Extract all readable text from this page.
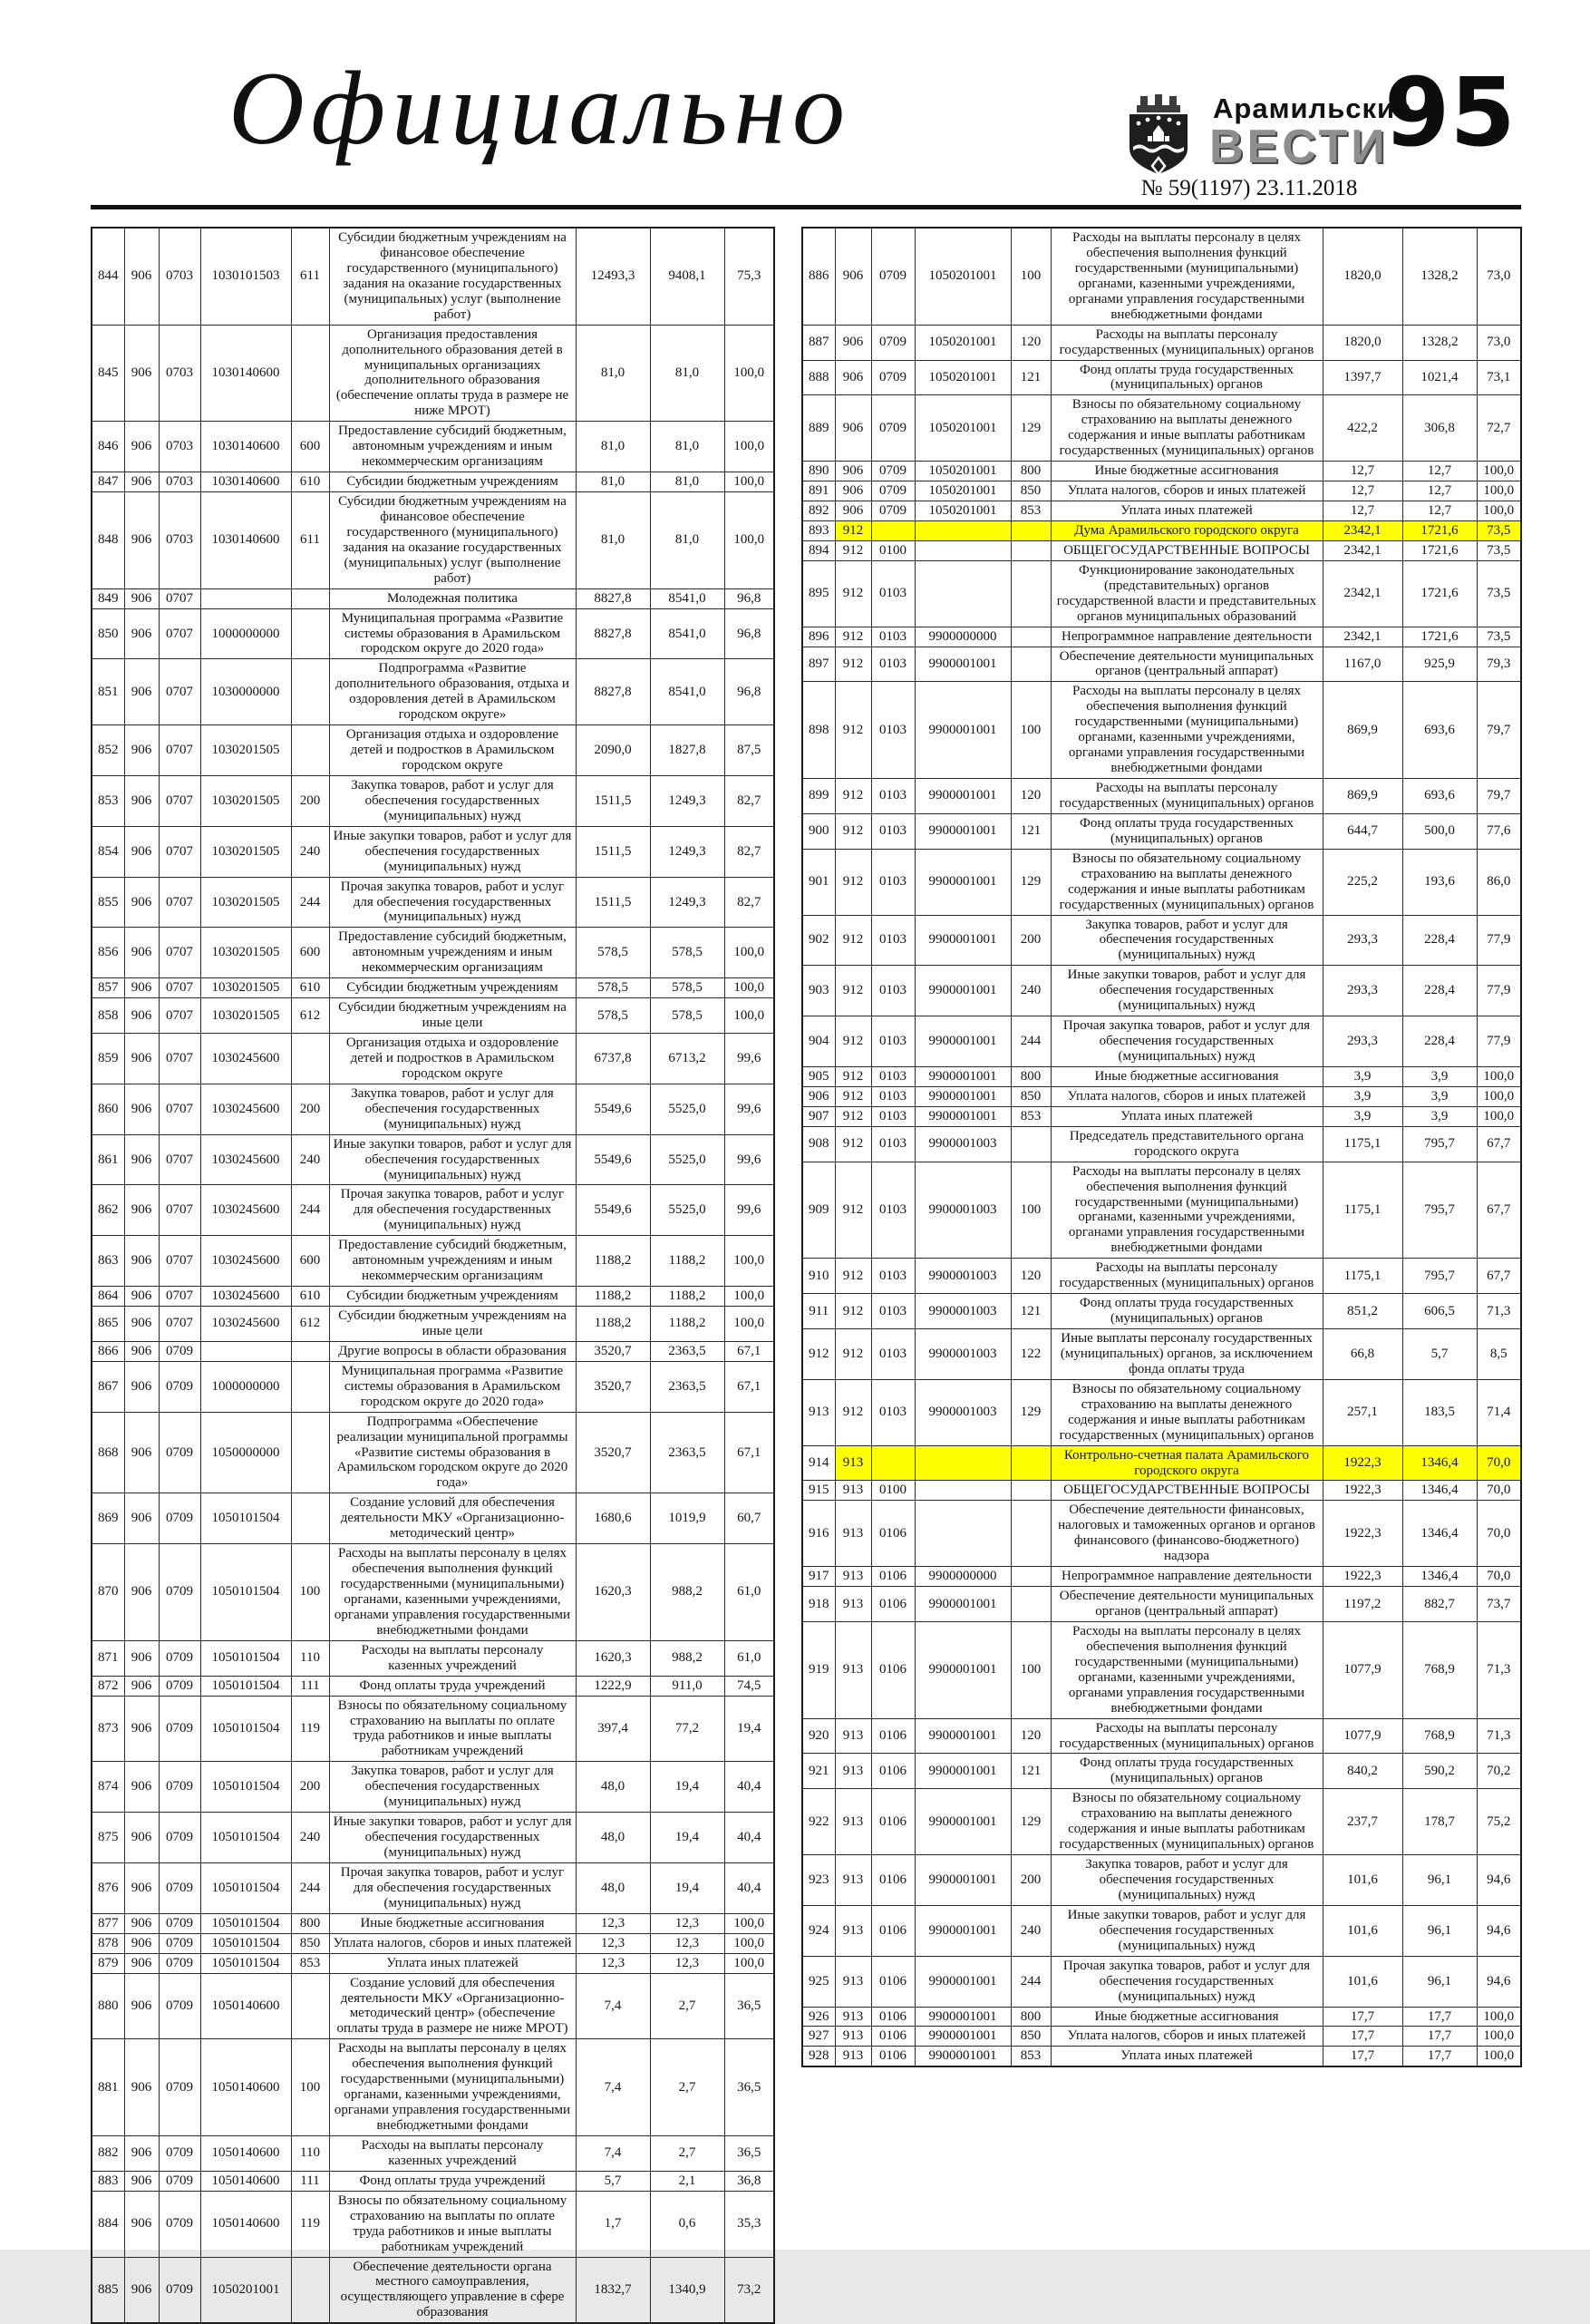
Официально	Арамильские
ВЕСТИ
95
№ 59(1197) 23.11.2018
844	906	0703	1030101503	611	Субсидии бюджетным учреждениям на финансовое обеспечение государственного (муниципального) задания на оказание государственных (муниципальных) услуг (выполнение работ)	12493,3	9408,1	75,3
845	906	0703	1030140600		Организация предоставления дополнительного образования детей в муниципальных организациях дополнительного образования (обеспечение оплаты труда в размере не ниже МРОТ)	81,0	81,0	100,0
846	906	0703	1030140600	600	Предоставление субсидий бюджетным, автономным учреждениям и иным некоммерческим организациям	81,0	81,0	100,0
847	906	0703	1030140600	610	Субсидии бюджетным учреждениям	81,0	81,0	100,0
848	906	0703	1030140600	611	Субсидии бюджетным учреждениям на финансовое обеспечение государственного (муниципального) задания на оказание государственных (муниципальных) услуг (выполнение работ)	81,0	81,0	100,0
849	906	0707			Молодежная политика	8827,8	8541,0	96,8
850	906	0707	1000000000		Муниципальная программа «Развитие системы образования в Арамильском городском округе до 2020 года»	8827,8	8541,0	96,8
851	906	0707	1030000000		Подпрограмма «Развитие дополнительного образования, отдыха и оздоровления детей в Арамильском городском округе»	8827,8	8541,0	96,8
852	906	0707	1030201505		Организация отдыха и оздоровление детей и подростков в Арамильском городском округе	2090,0	1827,8	87,5
853	906	0707	1030201505	200	Закупка товаров, работ и услуг для обеспечения государственных (муниципальных) нужд	1511,5	1249,3	82,7
854	906	0707	1030201505	240	Иные закупки товаров, работ и услуг для обеспечения государственных (муниципальных) нужд	1511,5	1249,3	82,7
855	906	0707	1030201505	244	Прочая закупка товаров, работ и услуг для обеспечения государственных (муниципальных) нужд	1511,5	1249,3	82,7
856	906	0707	1030201505	600	Предоставление субсидий бюджетным, автономным учреждениям и иным некоммерческим организациям	578,5	578,5	100,0
857	906	0707	1030201505	610	Субсидии бюджетным учреждениям	578,5	578,5	100,0
858	906	0707	1030201505	612	Субсидии бюджетным учреждениям на иные цели	578,5	578,5	100,0
859	906	0707	1030245600		Организация отдыха и оздоровление детей и подростков в Арамильском городском округе	6737,8	6713,2	99,6
860	906	0707	1030245600	200	Закупка товаров, работ и услуг для обеспечения государственных (муниципальных) нужд	5549,6	5525,0	99,6
861	906	0707	1030245600	240	Иные закупки товаров, работ и услуг для обеспечения государственных (муниципальных) нужд	5549,6	5525,0	99,6
862	906	0707	1030245600	244	Прочая закупка товаров, работ и услуг для обеспечения государственных (муниципальных) нужд	5549,6	5525,0	99,6
863	906	0707	1030245600	600	Предоставление субсидий бюджетным, автономным учреждениям и иным некоммерческим организациям	1188,2	1188,2	100,0
864	906	0707	1030245600	610	Субсидии бюджетным учреждениям	1188,2	1188,2	100,0
865	906	0707	1030245600	612	Субсидии бюджетным учреждениям на иные цели	1188,2	1188,2	100,0
866	906	0709			Другие вопросы в области образования	3520,7	2363,5	67,1
867	906	0709	1000000000		Муниципальная программа «Развитие системы образования в Арамильском городском округе до 2020 года»	3520,7	2363,5	67,1
868	906	0709	1050000000		Подпрограмма «Обеспечение реализации муниципальной программы «Развитие системы образования в Арамильском городском округе до 2020 года»	3520,7	2363,5	67,1
869	906	0709	1050101504		Создание условий для обеспечения деятельности МКУ «Организационно-методический центр»	1680,6	1019,9	60,7
870	906	0709	1050101504	100	Расходы на выплаты персоналу в целях обеспечения выполнения функций государственными (муниципальными) органами, казенными учреждениями, органами управления государственными внебюджетными фондами	1620,3	988,2	61,0
871	906	0709	1050101504	110	Расходы на выплаты персоналу казенных учреждений	1620,3	988,2	61,0
872	906	0709	1050101504	111	Фонд оплаты труда учреждений	1222,9	911,0	74,5
873	906	0709	1050101504	119	Взносы по обязательному социальному страхованию на выплаты по оплате труда работников и иные выплаты работникам учреждений	397,4	77,2	19,4
874	906	0709	1050101504	200	Закупка товаров, работ и услуг для обеспечения государственных (муниципальных) нужд	48,0	19,4	40,4
875	906	0709	1050101504	240	Иные закупки товаров, работ и услуг для обеспечения государственных (муниципальных) нужд	48,0	19,4	40,4
876	906	0709	1050101504	244	Прочая закупка товаров, работ и услуг для обеспечения государственных (муниципальных) нужд	48,0	19,4	40,4
877	906	0709	1050101504	800	Иные бюджетные ассигнования	12,3	12,3	100,0
878	906	0709	1050101504	850	Уплата налогов, сборов и иных платежей	12,3	12,3	100,0
879	906	0709	1050101504	853	Уплата иных платежей	12,3	12,3	100,0
880	906	0709	1050140600		Создание условий для обеспечения деятельности МКУ «Организационно-методический центр» (обеспечение оплаты труда в размере не ниже МРОТ)	7,4	2,7	36,5
881	906	0709	1050140600	100	Расходы на выплаты персоналу в целях обеспечения выполнения функций государственными (муниципальными) органами, казенными учреждениями, органами управления государственными внебюджетными фондами	7,4	2,7	36,5
882	906	0709	1050140600	110	Расходы на выплаты персоналу казенных учреждений	7,4	2,7	36,5
883	906	0709	1050140600	111	Фонд оплаты труда учреждений	5,7	2,1	36,8
884	906	0709	1050140600	119	Взносы по обязательному социальному страхованию на выплаты по оплате труда работников и иные выплаты работникам учреждений	1,7	0,6	35,3
885	906	0709	1050201001		Обеспечение деятельности органа местного самоуправления, осуществляющего управление в сфере образования	1832,7	1340,9	73,2
886	906	0709	1050201001	100	Расходы на выплаты персоналу в целях обеспечения выполнения функций государственными (муниципальными) органами, казенными учреждениями, органами управления государственными внебюджетными фондами	1820,0	1328,2	73,0
887	906	0709	1050201001	120	Расходы на выплаты персоналу государственных (муниципальных) органов	1820,0	1328,2	73,0
888	906	0709	1050201001	121	Фонд оплаты труда государственных (муниципальных) органов	1397,7	1021,4	73,1
889	906	0709	1050201001	129	Взносы по обязательному социальному страхованию на выплаты денежного содержания и иные выплаты работникам государственных (муниципальных) органов	422,2	306,8	72,7
890	906	0709	1050201001	800	Иные бюджетные ассигнования	12,7	12,7	100,0
891	906	0709	1050201001	850	Уплата налогов, сборов и иных платежей	12,7	12,7	100,0
892	906	0709	1050201001	853	Уплата иных платежей	12,7	12,7	100,0
893	912				Дума Арамильского городского округа	2342,1	1721,6	73,5
894	912	0100			ОБЩЕГОСУДАРСТВЕННЫЕ ВОПРОСЫ	2342,1	1721,6	73,5
895	912	0103			Функционирование законодательных (представительных) органов государственной власти и представительных органов муниципальных образований	2342,1	1721,6	73,5
896	912	0103	9900000000		Непрограммное направление деятельности	2342,1	1721,6	73,5
897	912	0103	9900001001		Обеспечение деятельности муниципальных органов (центральный аппарат)	1167,0	925,9	79,3
898	912	0103	9900001001	100	Расходы на выплаты персоналу в целях обеспечения выполнения функций государственными (муниципальными) органами, казенными учреждениями, органами управления государственными внебюджетными фондами	869,9	693,6	79,7
899	912	0103	9900001001	120	Расходы на выплаты персоналу государственных (муниципальных) органов	869,9	693,6	79,7
900	912	0103	9900001001	121	Фонд оплаты труда государственных (муниципальных) органов	644,7	500,0	77,6
901	912	0103	9900001001	129	Взносы по обязательному социальному страхованию на выплаты денежного содержания и иные выплаты работникам государственных (муниципальных) органов	225,2	193,6	86,0
902	912	0103	9900001001	200	Закупка товаров, работ и услуг для обеспечения государственных (муниципальных) нужд	293,3	228,4	77,9
903	912	0103	9900001001	240	Иные закупки товаров, работ и услуг для обеспечения государственных (муниципальных) нужд	293,3	228,4	77,9
904	912	0103	9900001001	244	Прочая закупка товаров, работ и услуг для обеспечения государственных (муниципальных) нужд	293,3	228,4	77,9
905	912	0103	9900001001	800	Иные бюджетные ассигнования	3,9	3,9	100,0
906	912	0103	9900001001	850	Уплата налогов, сборов и иных платежей	3,9	3,9	100,0
907	912	0103	9900001001	853	Уплата иных платежей	3,9	3,9	100,0
908	912	0103	9900001003		Председатель представительного органа городского округа	1175,1	795,7	67,7
909	912	0103	9900001003	100	Расходы на выплаты персоналу в целях обеспечения выполнения функций государственными (муниципальными) органами, казенными учреждениями, органами управления государственными внебюджетными фондами	1175,1	795,7	67,7
910	912	0103	9900001003	120	Расходы на выплаты персоналу государственных (муниципальных) органов	1175,1	795,7	67,7
911	912	0103	9900001003	121	Фонд оплаты труда государственных (муниципальных) органов	851,2	606,5	71,3
912	912	0103	9900001003	122	Иные выплаты персоналу государственных (муниципальных) органов, за исключением фонда оплаты труда	66,8	5,7	8,5
913	912	0103	9900001003	129	Взносы по обязательному социальному страхованию на выплаты денежного содержания и иные выплаты работникам государственных (муниципальных) органов	257,1	183,5	71,4
914	913				Контрольно-счетная палата Арамильского городского округа	1922,3	1346,4	70,0
915	913	0100			ОБЩЕГОСУДАРСТВЕННЫЕ ВОПРОСЫ	1922,3	1346,4	70,0
916	913	0106			Обеспечение деятельности финансовых, налоговых и таможенных органов и органов финансового (финансово-бюджетного) надзора	1922,3	1346,4	70,0
917	913	0106	9900000000		Непрограммное направление деятельности	1922,3	1346,4	70,0
918	913	0106	9900001001		Обеспечение деятельности муниципальных органов (центральный аппарат)	1197,2	882,7	73,7
919	913	0106	9900001001	100	Расходы на выплаты персоналу в целях обеспечения выполнения функций государственными (муниципальными) органами, казенными учреждениями, органами управления государственными внебюджетными фондами	1077,9	768,9	71,3
920	913	0106	9900001001	120	Расходы на выплаты персоналу государственных (муниципальных) органов	1077,9	768,9	71,3
921	913	0106	9900001001	121	Фонд оплаты труда государственных (муниципальных) органов	840,2	590,2	70,2
922	913	0106	9900001001	129	Взносы по обязательному социальному страхованию на выплаты денежного содержания и иные выплаты работникам государственных (муниципальных) органов	237,7	178,7	75,2
923	913	0106	9900001001	200	Закупка товаров, работ и услуг для обеспечения государственных (муниципальных) нужд	101,6	96,1	94,6
924	913	0106	9900001001	240	Иные закупки товаров, работ и услуг для обеспечения государственных (муниципальных) нужд	101,6	96,1	94,6
925	913	0106	9900001001	244	Прочая закупка товаров, работ и услуг для обеспечения государственных (муниципальных) нужд	101,6	96,1	94,6
926	913	0106	9900001001	800	Иные бюджетные ассигнования	17,7	17,7	100,0
927	913	0106	9900001001	850	Уплата налогов, сборов и иных платежей	17,7	17,7	100,0
928	913	0106	9900001001	853	Уплата иных платежей	17,7	17,7	100,0
